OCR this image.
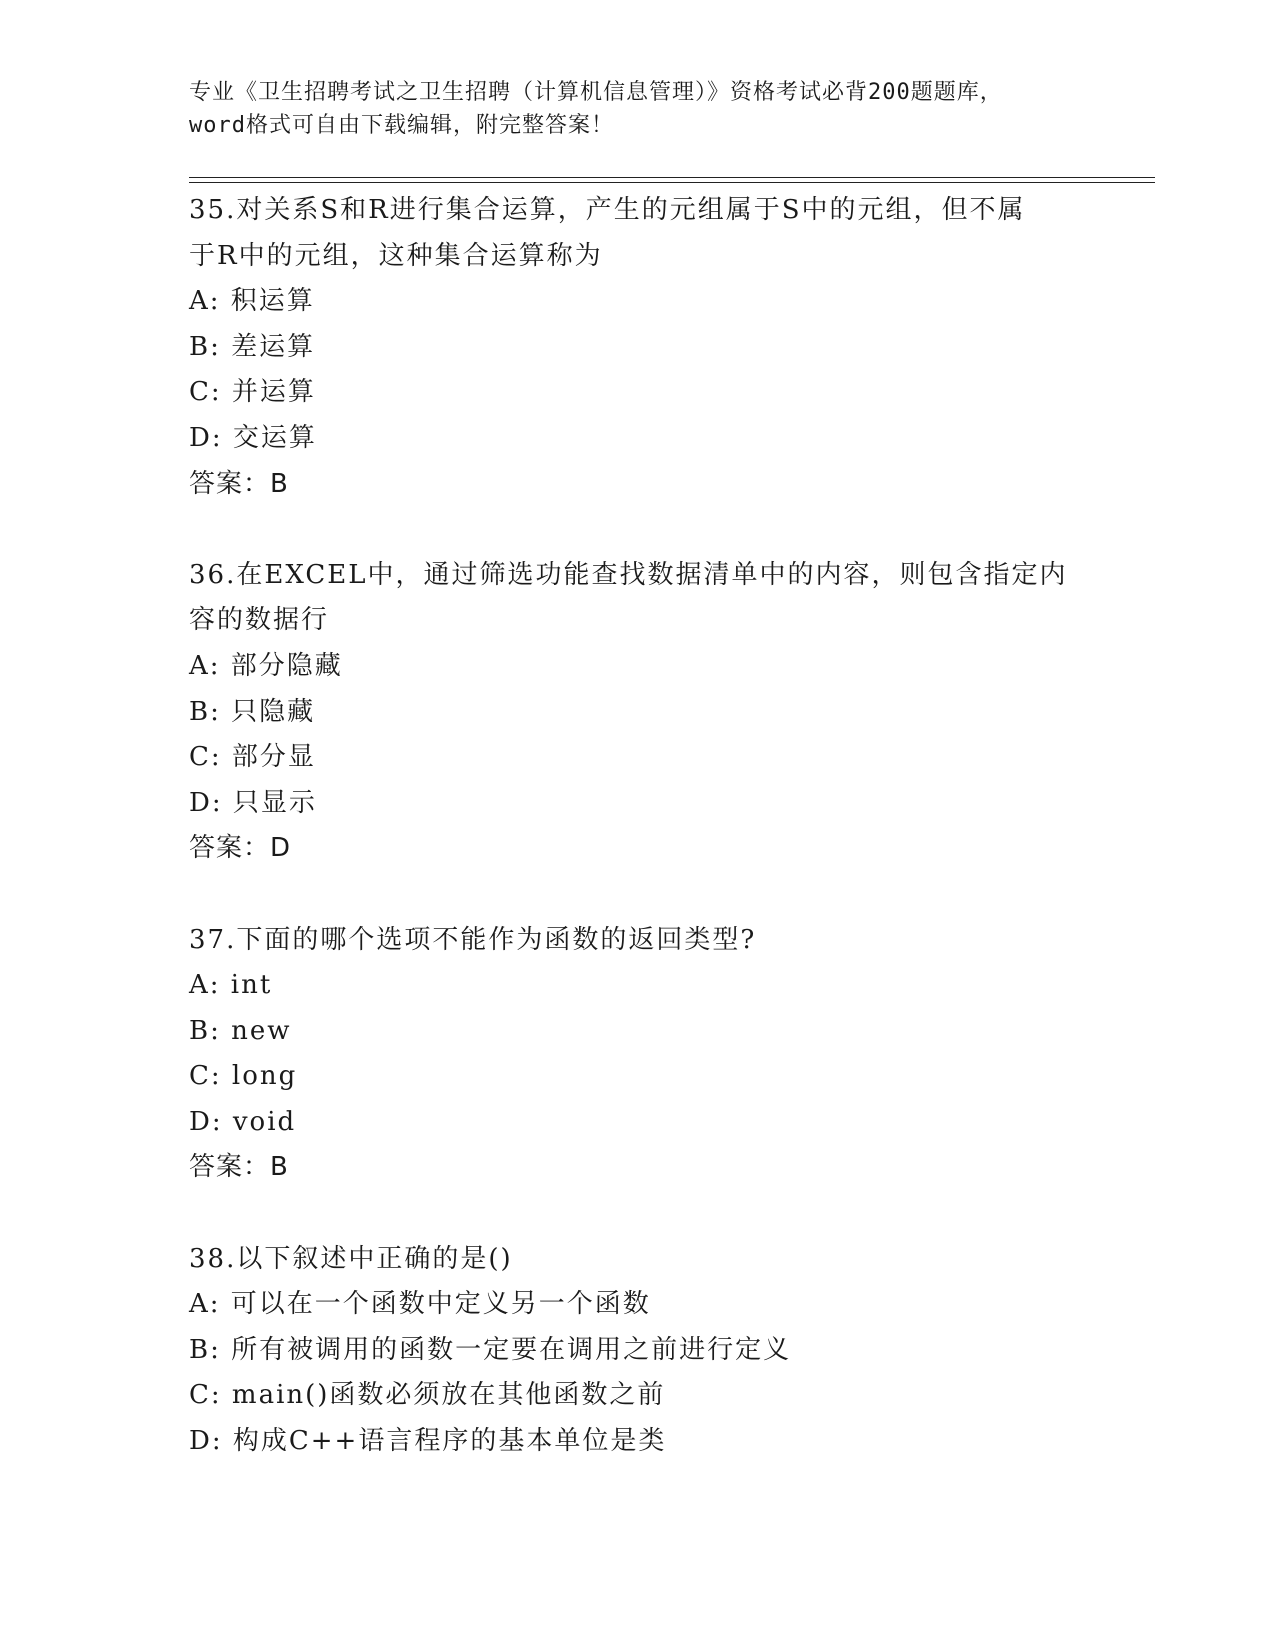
专业《卫生招聘考试之卫生招聘（计算机信息管理）》资格考试必背200题题库，
word格式可自由下载编辑，附完整答案！
35.对关系S和R进行集合运算，产生的元组属于S中的元组，但不属
于R中的元组，这种集合运算称为
A: 积运算
B: 差运算
C: 并运算
D: 交运算
答案：B
36.在EXCEL中，通过筛选功能查找数据清单中的内容，则包含指定内
容的数据行
A: 部分隐藏
B: 只隐藏
C: 部分显
D: 只显示
答案：D
37.下面的哪个选项不能作为函数的返回类型?
A: int
B: new
C: long
D: void
答案：B
38.以下叙述中正确的是()
A: 可以在一个函数中定义另一个函数
B: 所有被调用的函数一定要在调用之前进行定义
C: main()函数必须放在其他函数之前
D: 构成C++语言程序的基本单位是类
